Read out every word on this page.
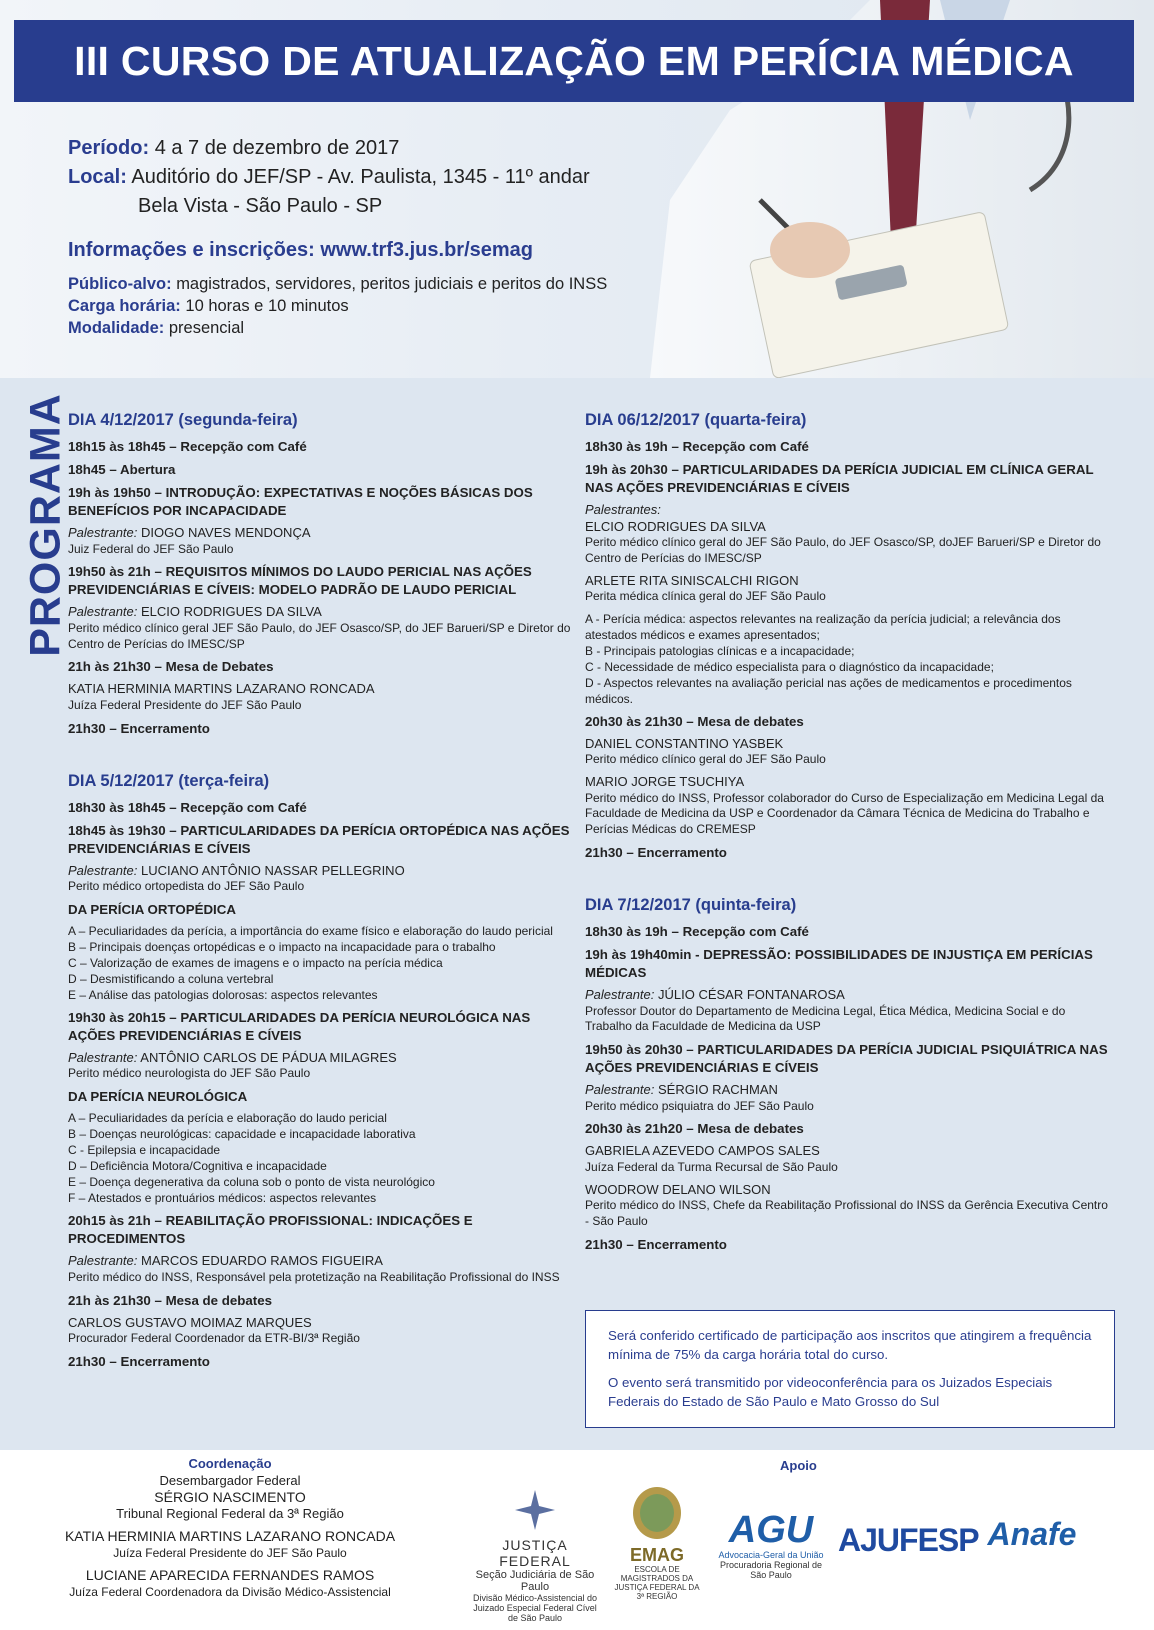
III CURSO DE ATUALIZAÇÃO EM PERÍCIA MÉDICA
Período: 4 a 7 de dezembro de 2017
Local: Auditório do JEF/SP - Av. Paulista, 1345 - 11º andar
Bela Vista - São Paulo - SP
Informações e inscrições: www.trf3.jus.br/semag
Público-alvo: magistrados, servidores, peritos judiciais e peritos do INSS
Carga horária: 10 horas e 10 minutos
Modalidade: presencial
PROGRAMA
DIA 4/12/2017 (segunda-feira)
18h15 às 18h45 – Recepção com Café
18h45 – Abertura
19h às 19h50 – INTRODUÇÃO: EXPECTATIVAS E NOÇÕES BÁSICAS DOS BENEFÍCIOS POR INCAPACIDADE
Palestrante: DIOGO NAVES MENDONÇA
Juiz Federal do JEF São Paulo
19h50 às 21h – REQUISITOS MÍNIMOS DO LAUDO PERICIAL NAS AÇÕES PREVIDENCIÁRIAS E CÍVEIS: MODELO PADRÃO DE LAUDO PERICIAL
Palestrante: ELCIO RODRIGUES DA SILVA
Perito médico clínico geral JEF São Paulo, do JEF Osasco/SP, do JEF Barueri/SP e Diretor do Centro de Perícias do IMESC/SP
21h às 21h30 – Mesa de Debates
KATIA HERMINIA MARTINS LAZARANO RONCADA
Juíza Federal Presidente do JEF São Paulo
21h30 – Encerramento
DIA 5/12/2017 (terça-feira)
18h30 às 18h45 – Recepção com Café
18h45 às 19h30 – PARTICULARIDADES DA PERÍCIA ORTOPÉDICA NAS AÇÕES PREVIDENCIÁRIAS E CÍVEIS
Palestrante: LUCIANO ANTÔNIO NASSAR PELLEGRINO
Perito médico ortopedista do JEF São Paulo
DA PERÍCIA ORTOPÉDICA
A – Peculiaridades da perícia, a importância do exame físico e elaboração do laudo pericial
B – Principais doenças ortopédicas e o impacto na incapacidade para o trabalho
C – Valorização de exames de imagens e o impacto na perícia médica
D – Desmistificando a coluna vertebral
E – Análise das patologias dolorosas: aspectos relevantes
19h30 às 20h15 – PARTICULARIDADES DA PERÍCIA NEUROLÓGICA NAS AÇÕES PREVIDENCIÁRIAS E CÍVEIS
Palestrante: ANTÔNIO CARLOS DE PÁDUA MILAGRES
Perito médico neurologista do JEF São Paulo
DA PERÍCIA NEUROLÓGICA
A – Peculiaridades da perícia e elaboração do laudo pericial
B – Doenças neurológicas: capacidade e incapacidade laborativa
C - Epilepsia e incapacidade
D – Deficiência Motora/Cognitiva e incapacidade
E – Doença degenerativa da coluna sob o ponto de vista neurológico
F – Atestados e prontuários médicos: aspectos relevantes
20h15 às 21h – REABILITAÇÃO PROFISSIONAL: INDICAÇÕES E PROCEDIMENTOS
Palestrante: MARCOS EDUARDO RAMOS FIGUEIRA
Perito médico do INSS, Responsável pela protetização na Reabilitação Profissional do INSS
21h às 21h30 – Mesa de debates
CARLOS GUSTAVO MOIMAZ MARQUES
Procurador Federal Coordenador da ETR-BI/3ª Região
21h30 – Encerramento
DIA 06/12/2017 (quarta-feira)
18h30 às 19h – Recepção com Café
19h às 20h30 – PARTICULARIDADES DA PERÍCIA JUDICIAL EM CLÍNICA GERAL NAS AÇÕES PREVIDENCIÁRIAS E CÍVEIS
Palestrantes:
ELCIO RODRIGUES DA SILVA
Perito médico clínico geral do JEF São Paulo, do JEF Osasco/SP, doJEF Barueri/SP e Diretor do Centro de Perícias do IMESC/SP
ARLETE RITA SINISCALCHI RIGON
Perita médica clínica geral do JEF São Paulo
A - Perícia médica: aspectos relevantes na realização da perícia judicial; a relevância dos atestados médicos e exames apresentados;
B - Principais patologias clínicas e a incapacidade;
C - Necessidade de médico especialista para o diagnóstico da incapacidade;
D - Aspectos relevantes na avaliação pericial nas ações de medicamentos e procedimentos médicos.
20h30 às 21h30 – Mesa de debates
DANIEL CONSTANTINO YASBEK
Perito médico clínico geral do JEF São Paulo
MARIO JORGE TSUCHIYA
Perito médico do INSS, Professor colaborador do Curso de Especialização em Medicina Legal da Faculdade de Medicina da USP e Coordenador da Câmara Técnica de Medicina do Trabalho e Perícias Médicas do CREMESP
21h30 – Encerramento
DIA 7/12/2017 (quinta-feira)
18h30 às 19h – Recepção com Café
19h às 19h40min - DEPRESSÃO: POSSIBILIDADES DE INJUSTIÇA EM PERÍCIAS MÉDICAS
Palestrante: JÚLIO CÉSAR FONTANAROSA
Professor Doutor do Departamento de Medicina Legal, Ética Médica, Medicina Social e do Trabalho da Faculdade de Medicina da USP
19h50 às 20h30 – PARTICULARIDADES DA PERÍCIA JUDICIAL PSIQUIÁTRICA NAS AÇÕES PREVIDENCIÁRIAS E CÍVEIS
Palestrante: SÉRGIO RACHMAN
Perito médico psiquiatra do JEF São Paulo
20h30 às 21h20 – Mesa de debates
GABRIELA AZEVEDO CAMPOS SALES
Juíza Federal da Turma Recursal de São Paulo
WOODROW DELANO WILSON
Perito médico do INSS, Chefe da Reabilitação Profissional do INSS da Gerência Executiva Centro - São Paulo
21h30 – Encerramento

Será conferido certificado de participação aos inscritos que atingirem a frequência mínima de 75% da carga horária total do curso.

O evento será transmitido por videoconferência para os Juizados Especiais Federais do Estado de São Paulo e Mato Grosso do Sul

Coordenação
Desembargador Federal
SÉRGIO NASCIMENTO
Tribunal Regional Federal da 3ª Região
KATIA HERMINIA MARTINS LAZARANO RONCADA
Juíza Federal Presidente do JEF São Paulo
LUCIANE APARECIDA FERNANDES RAMOS
Juíza Federal Coordenadora da Divisão Médico-Assistencial
Apoio
JUSTIÇA FEDERAL
Seção Judiciária de São Paulo
Divisão Médico-Assistencial do Juizado Especial Federal Cível de São Paulo
EMAG
ESCOLA DE MAGISTRADOS DA JUSTIÇA FEDERAL DA 3ª REGIÃO
AGU
Advocacia-Geral da União
Procuradoria Regional de São Paulo
AJUFESP Anafe
